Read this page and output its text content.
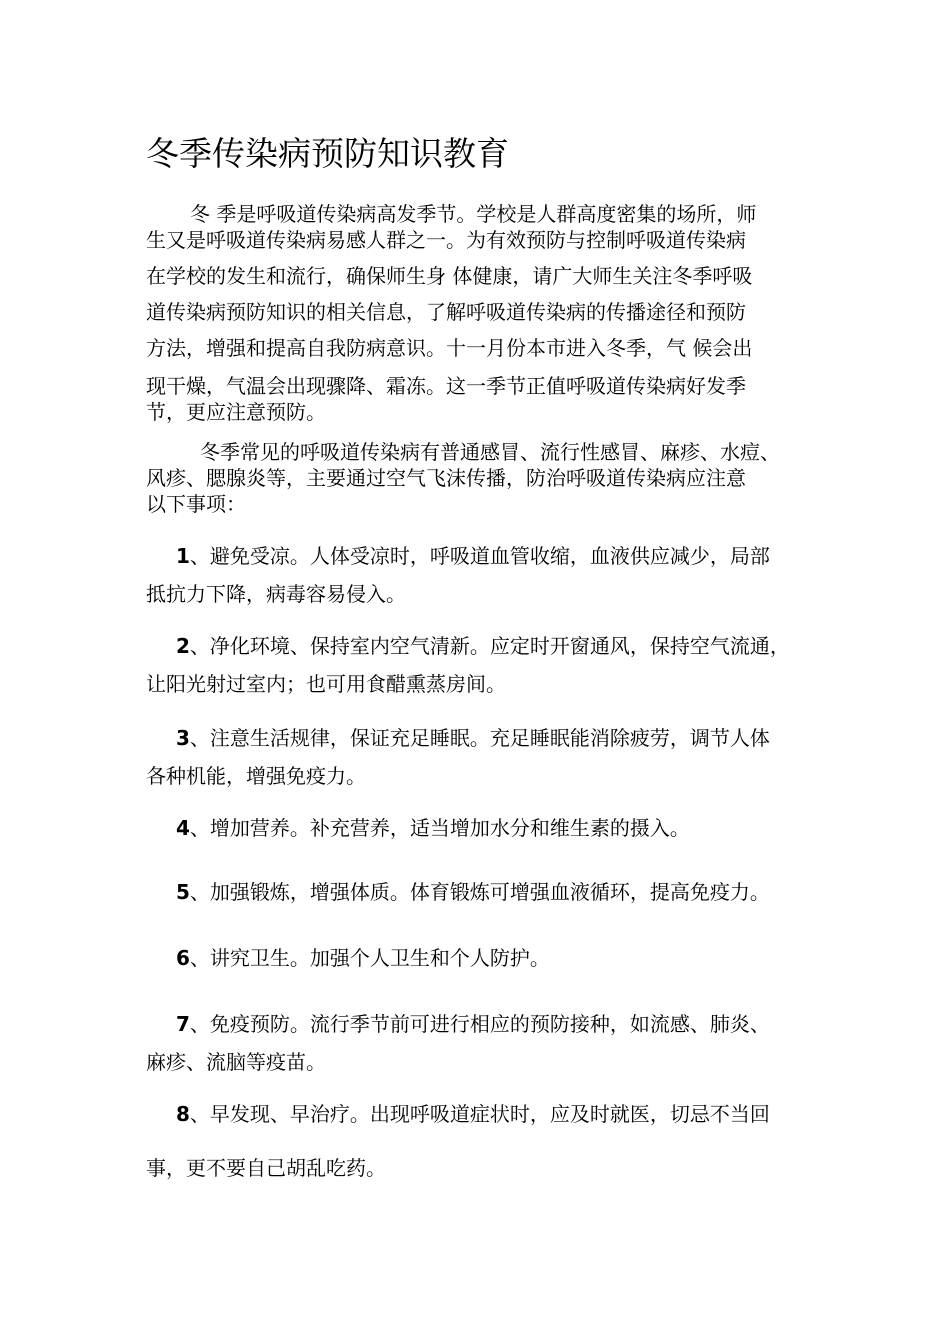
冬季传染病预防知识教育
冬 季是呼吸道传染病高发季节。学校是人群高度密集的场所，师
生又是呼吸道传染病易感人群之一。为有效预防与控制呼吸道传染病
在学校的发生和流行，确保师生身 体健康，请广大师生关注冬季呼吸
道传染病预防知识的相关信息，了解呼吸道传染病的传播途径和预防
方法，增强和提高自我防病意识。十一月份本市进入冬季，气 候会出
现干燥，气温会出现骤降、霜冻。这一季节正值呼吸道传染病好发季
节，更应注意预防。
冬季常见的呼吸道传染病有普通感冒、流行性感冒、麻疹、水痘、
风疹、腮腺炎等，主要通过空气飞沫传播，防治呼吸道传染病应注意
以下事项：
1、避免受凉。人体受凉时，呼吸道血管收缩，血液供应减少，局部
抵抗力下降，病毒容易侵入。
2、净化环境、保持室内空气清新。应定时开窗通风，保持空气流通，
让阳光射过室内；也可用食醋熏蒸房间。
3、注意生活规律，保证充足睡眠。充足睡眠能消除疲劳，调节人体
各种机能，增强免疫力。
4、增加营养。补充营养，适当增加水分和维生素的摄入。
5、加强锻炼，增强体质。体育锻炼可增强血液循环，提高免疫力。
6、讲究卫生。加强个人卫生和个人防护。
7、免疫预防。流行季节前可进行相应的预防接种，如流感、肺炎、
麻疹、流脑等疫苗。
8、早发现、早治疗。出现呼吸道症状时，应及时就医，切忌不当回
事，更不要自己胡乱吃药。
